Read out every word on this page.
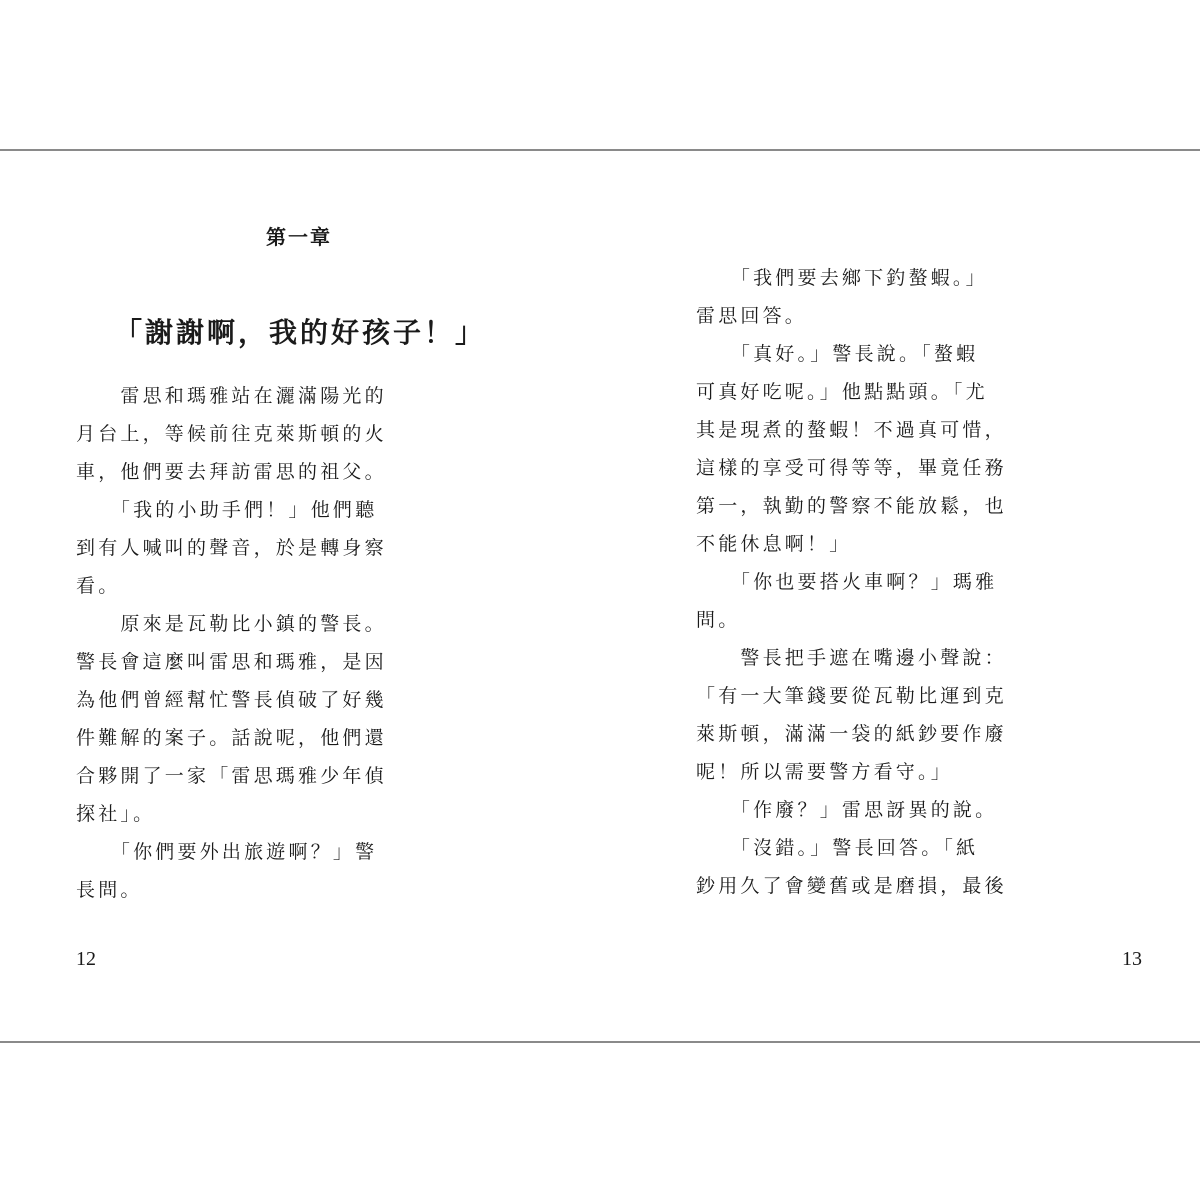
第一章
「謝謝啊，我的好孩子！」
　　雷思和瑪雅站在灑滿陽光的
月台上，等候前往克萊斯頓的火
車，他們要去拜訪雷思的祖父。
　　「我的小助手們！」他們聽
到有人喊叫的聲音，於是轉身察
看。
　　原來是瓦勒比小鎮的警長。
警長會這麼叫雷思和瑪雅，是因
為他們曾經幫忙警長偵破了好幾
件難解的案子。話說呢，他們還
合夥開了一家「雷思瑪雅少年偵
探社」。
　　「你們要外出旅遊啊？」警
長問。
12
　　「我們要去鄉下釣螯蝦。」
雷思回答。
　　「真好。」警長說。「螯蝦
可真好吃呢。」他點點頭。「尤
其是現煮的螯蝦！不過真可惜，
這樣的享受可得等等，畢竟任務
第一，執勤的警察不能放鬆，也
不能休息啊！」
　　「你也要搭火車啊？」瑪雅
問。
　　警長把手遮在嘴邊小聲說：
「有一大筆錢要從瓦勒比運到克
萊斯頓，滿滿一袋的紙鈔要作廢
呢！所以需要警方看守。」
　　「作廢？」雷思訝異的說。
　　「沒錯。」警長回答。「紙
鈔用久了會變舊或是磨損，最後
13
